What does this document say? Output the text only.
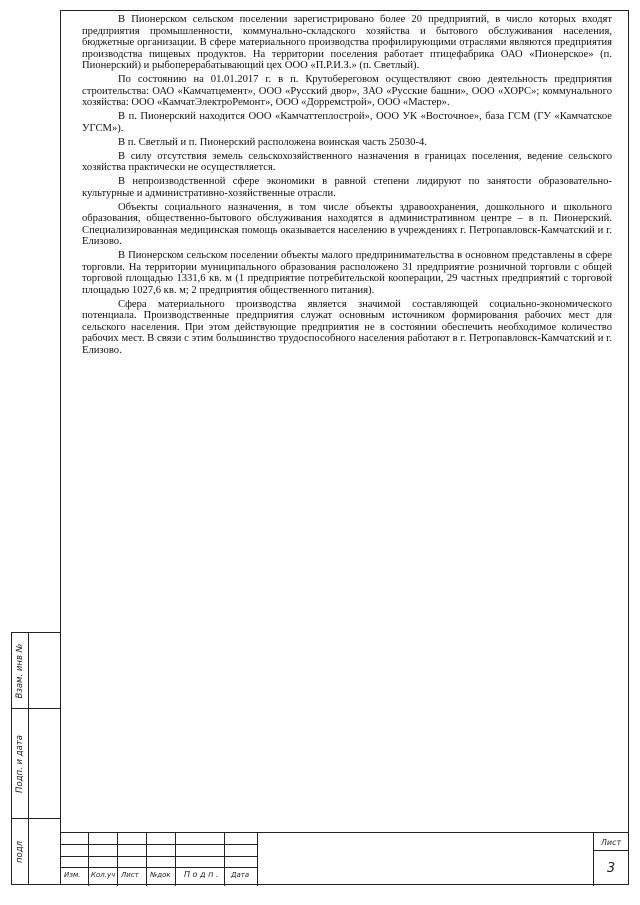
В Пионерском сельском поселении зарегистрировано более 20 предприятий, в число которых входят предприятия промышленности, коммунально-складского хозяйства и бытового обслуживания населения, бюджетные организации. В сфере материального производства профилирующими отраслями являются предприятия производства пищевых продуктов. На территории поселения работает птицефабрика ОАО «Пионерское» (п. Пионерский) и рыбоперерабатывающий цех ООО «П.Р.И.З.» (п. Светлый).

По состоянию на 01.01.2017 г. в п. Крутобереговом осуществляют свою деятельность предприятия строительства: ОАО «Камчатцемент», ООО «Русский двор», ЗАО «Русские башни», ООО «ХОРС»; коммунального хозяйства: ООО «КамчатЭлектроРемонт», ООО «Дорремстрой», ООО «Мастер».

В п. Пионерский находится ООО «Камчаттеплострой», ООО УК «Восточное», база ГСМ (ГУ «Камчатское УГСМ»).

В п. Светлый и п. Пионерский расположена воинская часть 25030-4.

В силу отсутствия земель сельскохозяйственного назначения в границах поселения, ведение сельского хозяйства практически не осуществляется.

В непроизводственной сфере экономики в равной степени лидируют по занятости образовательно-культурные и административно-хозяйственные отрасли.

Объекты социального назначения, в том числе объекты здравоохранения, дошкольного и школьного образования, общественно-бытового обслуживания находятся в административном центре – в п. Пионерский. Специализированная медицинская помощь оказывается населению в учреждениях г. Петропавловск-Камчатский и г. Елизово.

В Пионерском сельском поселении объекты малого предпринимательства в основном представлены в сфере торговли. На территории муниципального образования расположено 31 предприятие розничной торговли с общей торговой площадью 1331,6 кв. м (1 предприятие потребительской кооперации, 29 частных предприятий с торговой площадью 1027,6 кв. м; 2 предприятия общественного питания).

Сфера материального производства является значимой составляющей социально-экономического потенциала. Производственные предприятия служат основным источником формирования рабочих мест для сельского населения. При этом действующие предприятия не в состоянии обеспечить необходимое количество рабочих мест. В связи с этим большинство трудоспособного населения работают в г. Петропавловск-Камчатский и г. Елизово.

Взам. инв №
Подп. и дата
подл
Изм. Кол.уч Лист №док П о д п . Дата
Лист
3
